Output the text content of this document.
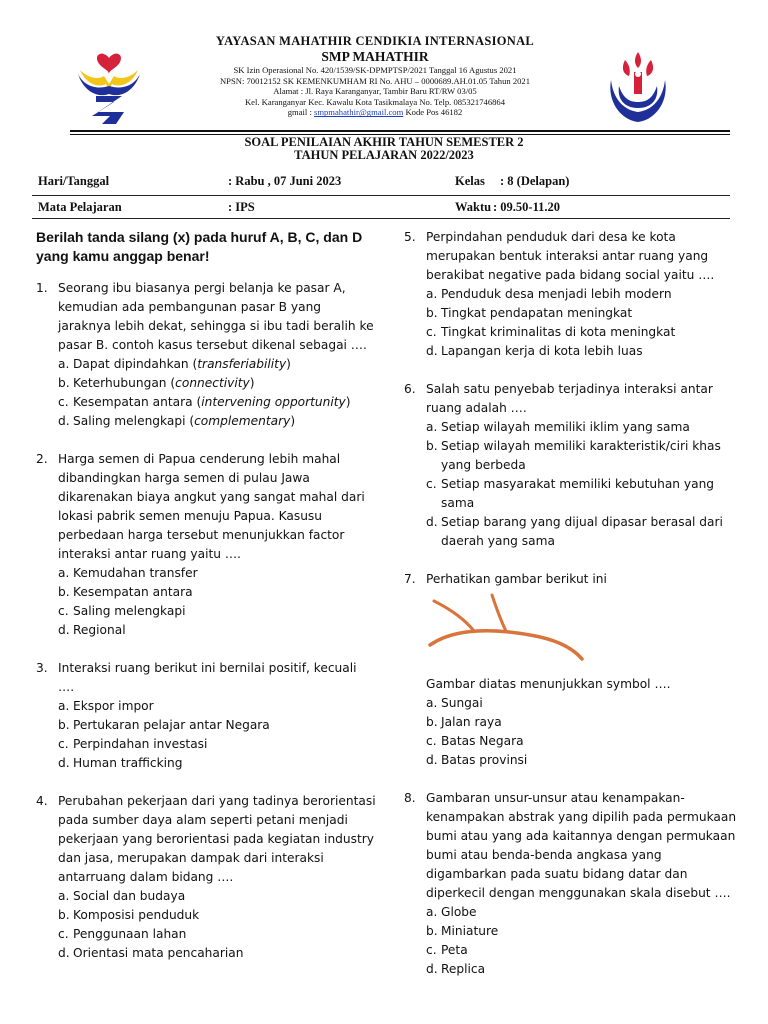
YAYASAN MAHATHIR CENDIKIA INTERNASIONAL
SMP MAHATHIR
SK Izin Operasional No. 420/1539/SK-DPMPTSP/2021 Tanggal 16 Agustus 2021
NPSN: 70012152 SK KEMENKUMHAM RI No. AHU – 0000689.AH.01.05 Tahun 2021
Alamat : Jl. Raya Karanganyar, Tambir Baru RT/RW 03/05
Kel. Karanganyar Kec. Kawalu Kota Tasikmalaya No. Telp. 085321746864
gmail : smpmahathir@gmail.com Kode Pos 46182
SOAL PENILAIAN AKHIR TAHUN SEMESTER 2
TAHUN PELAJARAN 2022/2023
Hari/Tanggal	: Rabu , 07 Juni 2023	Kelas : 8 (Delapan)
Mata Pelajaran	: IPS	Waktu : 09.50-11.20
Berilah tanda silang (x) pada huruf A, B, C, dan D yang kamu anggap benar!
1. Seorang ibu biasanya pergi belanja ke pasar A, kemudian ada pembangunan pasar B yang jaraknya lebih dekat, sehingga si ibu tadi beralih ke pasar B. contoh kasus tersebut dikenal sebagai ….
a. Dapat dipindahkan (transferiability)
b. Keterhubungan (connectivity)
c. Kesempatan antara (intervening opportunity)
d. Saling melengkapi (complementary)
2. Harga semen di Papua cenderung lebih mahal dibandingkan harga semen di pulau Jawa dikarenakan biaya angkut yang sangat mahal dari lokasi pabrik semen menuju Papua. Kasusu perbedaan harga tersebut menunjukkan factor interaksi antar ruang yaitu ….
a. Kemudahan transfer
b. Kesempatan antara
c. Saling melengkapi
d. Regional
3. Interaksi ruang berikut ini bernilai positif, kecuali ….
a. Ekspor impor
b. Pertukaran pelajar antar Negara
c. Perpindahan investasi
d. Human trafficking
4. Perubahan pekerjaan dari yang tadinya berorientasi pada sumber daya alam seperti petani menjadi pekerjaan yang berorientasi pada kegiatan industry dan jasa, merupakan dampak dari interaksi antarruang dalam bidang ….
a. Social dan budaya
b. Komposisi penduduk
c. Penggunaan lahan
d. Orientasi mata pencaharian
5. Perpindahan penduduk dari desa ke kota merupakan bentuk interaksi antar ruang yang berakibat negative pada bidang social yaitu ….
a. Penduduk desa menjadi lebih modern
b. Tingkat pendapatan meningkat
c. Tingkat kriminalitas di kota meningkat
d. Lapangan kerja di kota lebih luas
6. Salah satu penyebab terjadinya interaksi antar ruang adalah ….
a. Setiap wilayah memiliki iklim yang sama
b. Setiap wilayah memiliki karakteristik/ciri khas yang berbeda
c. Setiap masyarakat memiliki kebutuhan yang sama
d. Setiap barang yang dijual dipasar berasal dari daerah yang sama
7. Perhatikan gambar berikut ini
Gambar diatas menunjukkan symbol ….
a. Sungai
b. Jalan raya
c. Batas Negara
d. Batas provinsi
8. Gambaran unsur-unsur atau kenampakan-kenampakan abstrak yang dipilih pada permukaan bumi atau yang ada kaitannya dengan permukaan bumi atau benda-benda angkasa yang digambarkan pada suatu bidang datar dan diperkecil dengan menggunakan skala disebut ….
a. Globe
b. Miniature
c. Peta
d. Replica
